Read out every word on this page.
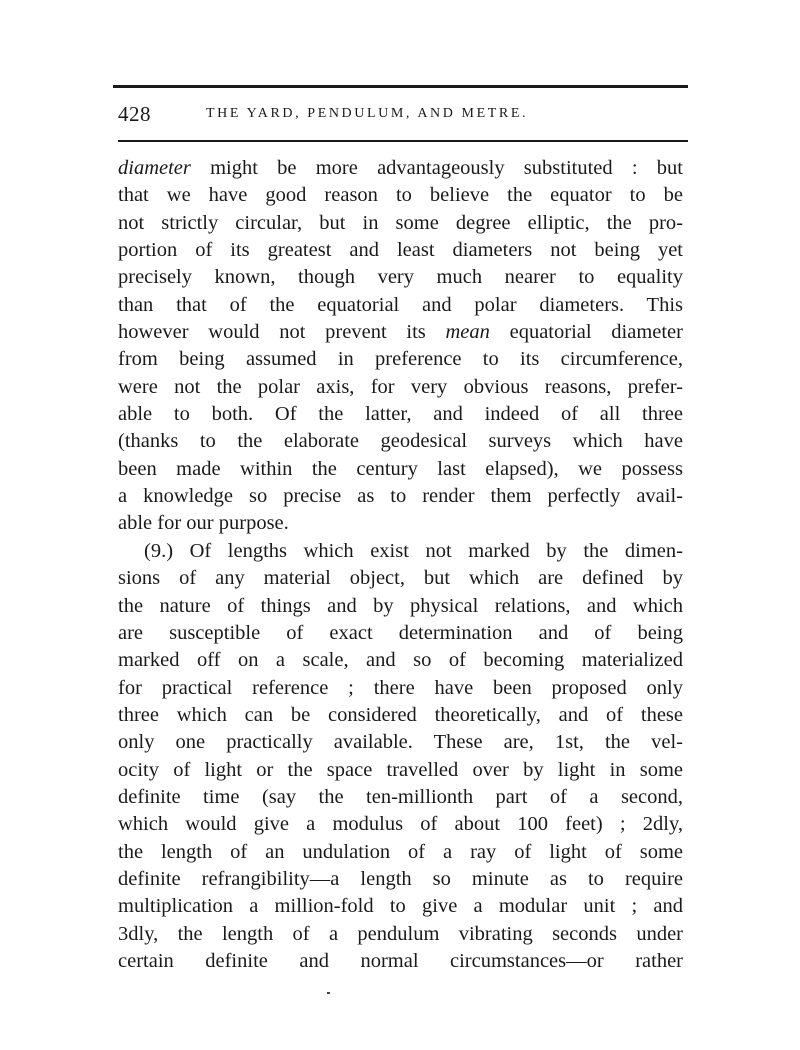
428	THE YARD, PENDULUM, AND METRE.
diameter might be more advantageously substituted : but
that we have good reason to believe the equator to be
not strictly circular, but in some degree elliptic, the pro-
portion of its greatest and least diameters not being yet
precisely known, though very much nearer to equality
than that of the equatorial and polar diameters. This
however would not prevent its mean equatorial diameter
from being assumed in preference to its circumference,
were not the polar axis, for very obvious reasons, prefer-
able to both. Of the latter, and indeed of all three
(thanks to the elaborate geodesical surveys which have
been made within the century last elapsed), we possess
a knowledge so precise as to render them perfectly avail-
able for our purpose.
(9.) Of lengths which exist not marked by the dimen-
sions of any material object, but which are defined by
the nature of things and by physical relations, and which
are susceptible of exact determination and of being
marked off on a scale, and so of becoming materialized
for practical reference ; there have been proposed only
three which can be considered theoretically, and of these
only one practically available. These are, 1st, the vel-
ocity of light or the space travelled over by light in some
definite time (say the ten-millionth part of a second,
which would give a modulus of about 100 feet) ; 2dly,
the length of an undulation of a ray of light of some
definite refrangibility—a length so minute as to require
multiplication a million-fold to give a modular unit ; and
3dly, the length of a pendulum vibrating seconds under
certain definite and normal circumstances—or rather
